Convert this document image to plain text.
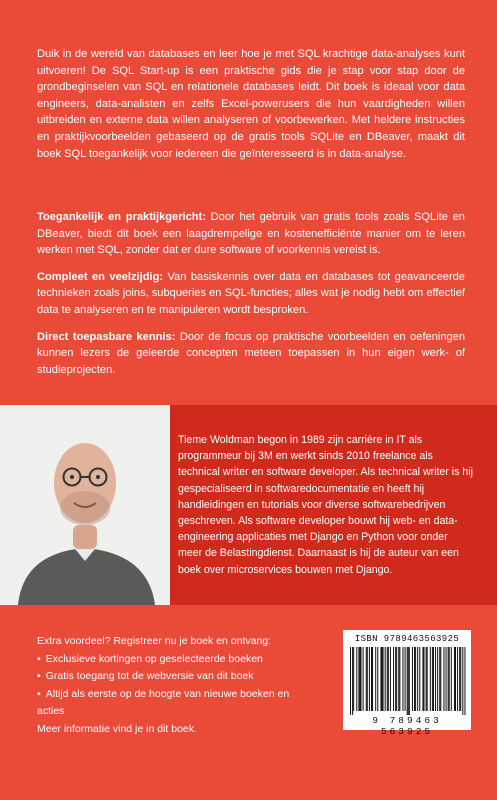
Duik in de wereld van databases en leer hoe je met SQL krachtige data-analyses kunt uitvoeren! De SQL Start-up is een praktische gids die je stap voor stap door de grondbeginselen van SQL en relationele databases leidt. Dit boek is ideaal voor data engineers, data-analisten en zelfs Excel-powerusers die hun vaardigheden willen uitbreiden en externe data willen analyseren of voorbewerken. Met heldere instructies en praktijkvoorbeelden gebaseerd op de gratis tools SQLite en DBeaver, maakt dit boek SQL toegankelijk voor iedereen die geïnteresseerd is in data-analyse.

Toegankelijk en praktijkgericht: Door het gebruik van gratis tools zoals SQLite en DBeaver, biedt dit boek een laagdrempelige en kostenefficiënte manier om te leren werken met SQL, zonder dat er dure software of voorkennis vereist is.

Compleet en veelzijdig: Van basiskennis over data en databases tot geavanceerde technieken zoals joins, subqueries en SQL-functies; alles wat je nodig hebt om effectief data te analyseren en te manipuleren wordt besproken.

Direct toepasbare kennis: Door de focus op praktische voorbeelden en oefeningen kunnen lezers de geleerde concepten meteen toepassen in hun eigen werk- of studieprojecten.

Tieme Woldman begon in 1989 zijn carrière in IT als programmeur bij 3M en werkt sinds 2010 freelance als technical writer en software developer. Als technical writer is hij gespecialiseerd in softwaredocumentatie en heeft hij handleidingen en tutorials voor diverse softwarebedrijven geschreven. Als software developer bouwt hij web- en data-engineering applicaties met Django en Python voor onder meer de Belastingdienst. Daarnaast is hij de auteur van een boek over microservices bouwen met Django.

Extra voordeel? Registreer nu je boek en ontvang:

▪ Exclusieve kortingen op geselecteerde boeken
▪ Gratis toegang tot de webversie van dit boek
▪ Altijd als eerste op de hoogte van nieuwe boeken en acties

Meer informatie vind je in dit boek.

ISBN 9789463563925
9 789463 563925
